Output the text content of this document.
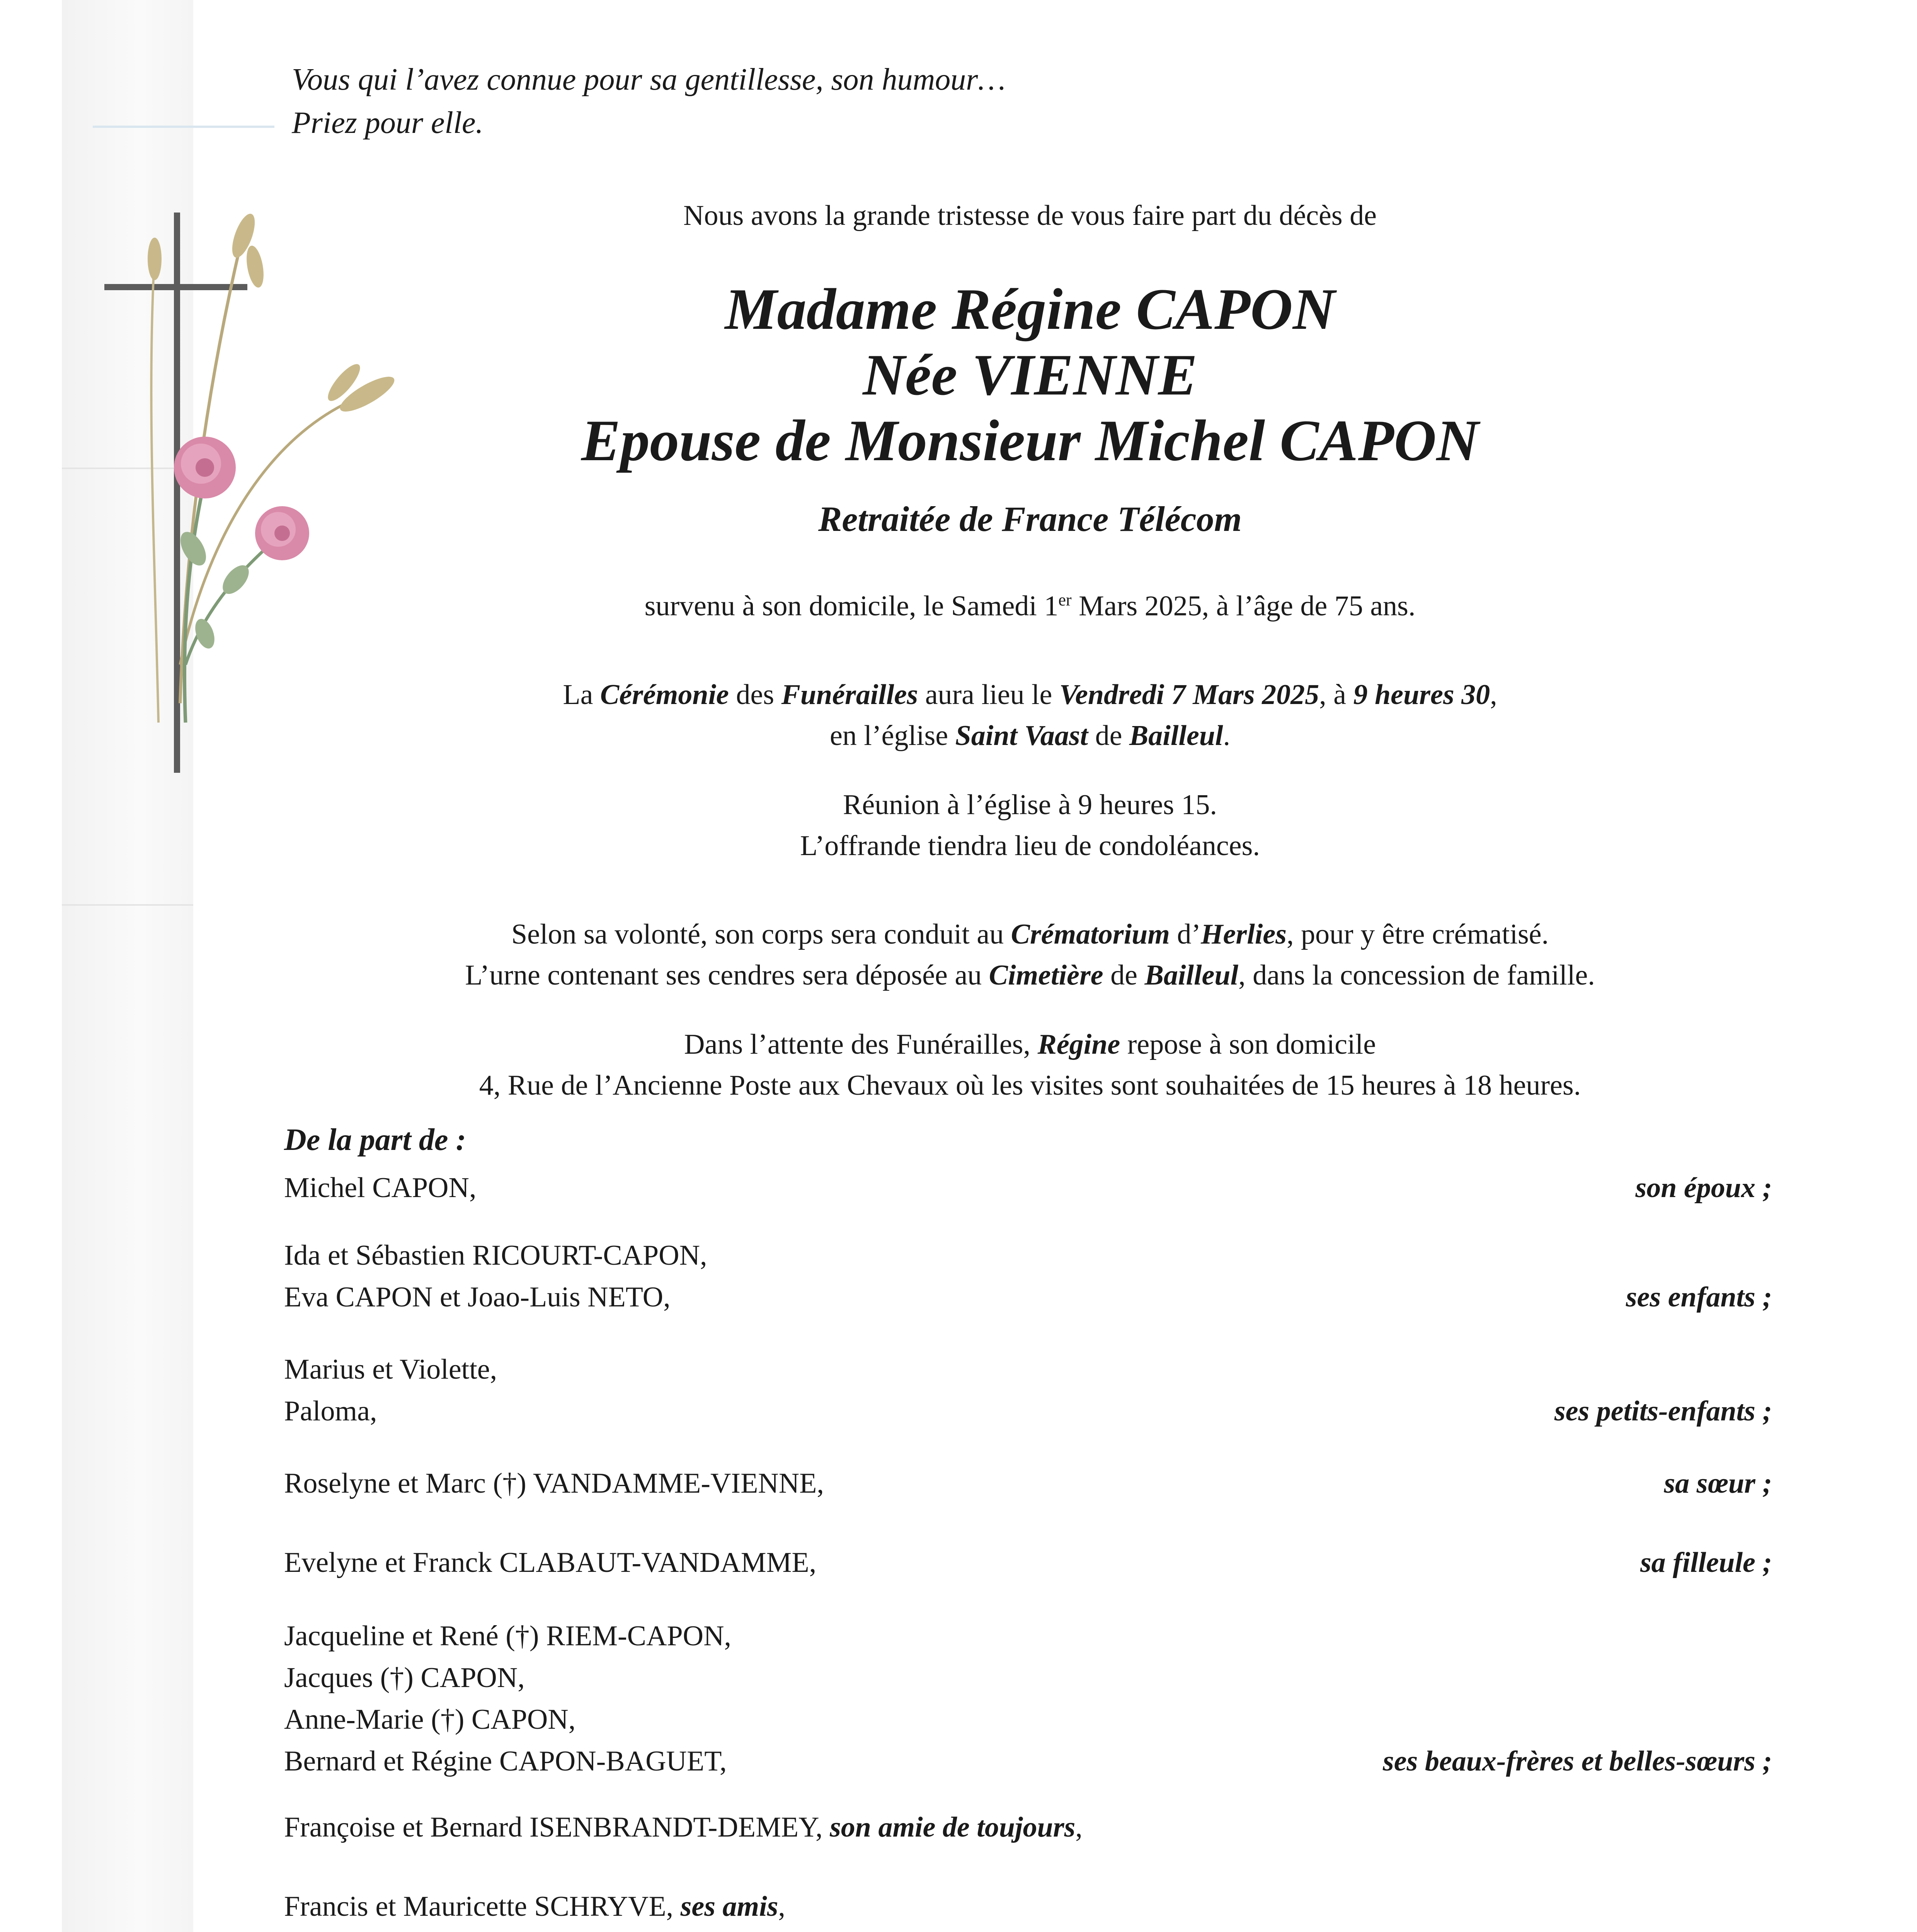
Vous qui l’avez connue pour sa gentillesse, son humour…
Priez pour elle.

Nous avons la grande tristesse de vous faire part du décès de

Madame Régine CAPON
Née VIENNE
Epouse de Monsieur Michel CAPON

Retraitée de France Télécom

survenu à son domicile, le Samedi 1er Mars 2025, à l’âge de 75 ans.

La Cérémonie des Funérailles aura lieu le Vendredi 7 Mars 2025, à 9 heures 30,
en l’église Saint Vaast de Bailleul.

Réunion à l’église à 9 heures 15.
L’offrande tiendra lieu de condoléances.

Selon sa volonté, son corps sera conduit au Crématorium d’Herlies, pour y être crématisé.
L’urne contenant ses cendres sera déposée au Cimetière de Bailleul, dans la concession de famille.

Dans l’attente des Funérailles, Régine repose à son domicile
4, Rue de l’Ancienne Poste aux Chevaux où les visites sont souhaitées de 15 heures à 18 heures.

De la part de :

Michel CAPON,	son époux ;
Ida et Sébastien RICOURT-CAPON,
Eva CAPON et Joao-Luis NETO,	ses enfants ;
Marius et Violette,
Paloma,	ses petits-enfants ;
Roselyne et Marc (†) VANDAMME-VIENNE,	sa sœur ;
Evelyne et Franck CLABAUT-VANDAMME,	sa filleule ;
Jacqueline et René (†) RIEM-CAPON,
Jacques (†) CAPON,
Anne-Marie (†) CAPON,
Bernard et Régine CAPON-BAGUET,	ses beaux-frères et belles-sœurs ;
Françoise et Bernard ISENBRANDT-DEMEY, son amie de toujours,
Francis et Mauricette SCHRYVE, ses amis,
